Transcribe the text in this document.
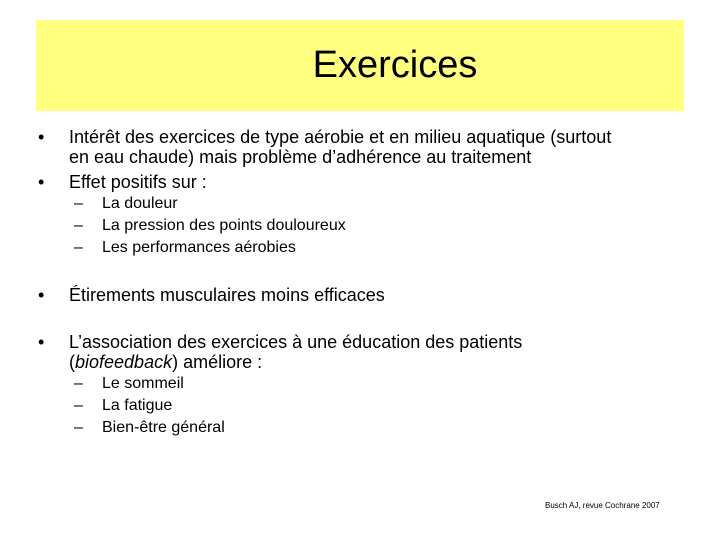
Exercices
• Intérêt des exercices de type aérobie et en milieu aquatique (surtout
en eau chaude) mais problème d’adhérence au traitement
• Effet positifs sur :
– La douleur
– La pression des points douloureux
– Les performances aérobies
• Étirements musculaires moins efficaces
• L’association des exercices à une éducation des patients
(biofeedback) améliore :
– Le sommeil
– La fatigue
– Bien-être général
Busch AJ, revue Cochrane 2007
